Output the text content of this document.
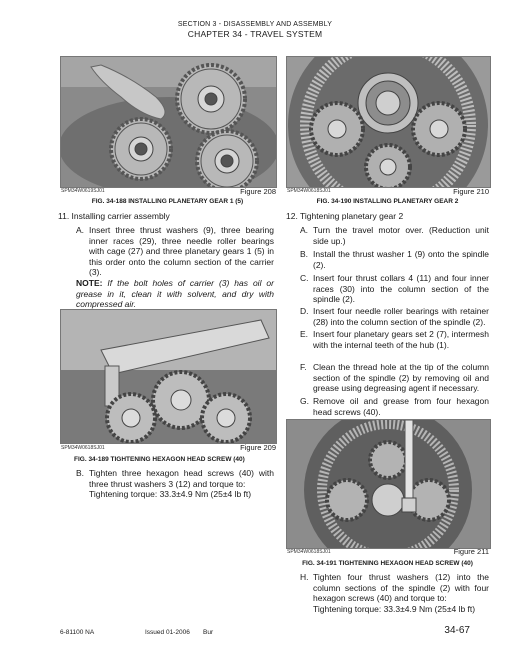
SECTION 3 - DISASSEMBLY AND ASSEMBLY
CHAPTER 34 - TRAVEL SYSTEM
SPM34W0619SJ01	Figure 208
FIG. 34-188 INSTALLING PLANETARY GEAR 1 (5)
SPM34W0618SJ01	Figure 210
FIG. 34-190 INSTALLING PLANETARY GEAR 2
11. Installing carrier assembly
A. Insert three thrust washers (9), three bearing inner races (29), three needle roller bearings with cage (27) and three planetary gears 1 (5) in this order onto the column section of the carrier (3).
NOTE: If the bolt holes of carrier (3) has oil or grease in it, clean it with solvent, and dry with compressed air.
SPM34W0618SJ01	Figure 209
FIG. 34-189 TIGHTENING HEXAGON HEAD SCREW (40)
B. Tighten three hexagon head screws (40) with three thrust washers 3 (12) and torque to:
Tightening torque: 33.3±4.9 Nm (25±4 lb ft)
12. Tightening planetary gear 2
A. Turn the travel motor over. (Reduction unit side up.)
B. Install the thrust washer 1 (9) onto the spindle (2).
C. Insert four thrust collars 4 (11) and four inner races (30) into the column section of the spindle (2).
D. Insert four needle roller bearings with retainer (28) into the column section of the spindle (2).
E. Insert four planetary gears set 2 (7), intermesh with the internal teeth of the hub (1).
F. Clean the thread hole at the tip of the column section of the spindle (2) by removing oil and grease using degreasing agent if necessary.
G. Remove oil and grease from four hexagon head screws (40).
SPM34W0618SJ01	Figure 211
FIG. 34-191 TIGHTENING HEXAGON HEAD SCREW (40)
H. Tighten four thrust washers (12) into the column sections of the spindle (2) with four hexagon screws (40) and torque to:
Tightening torque: 33.3±4.9 Nm (25±4 lb ft)
6-81100 NA	Issued 01-2006 Bur	34-67
